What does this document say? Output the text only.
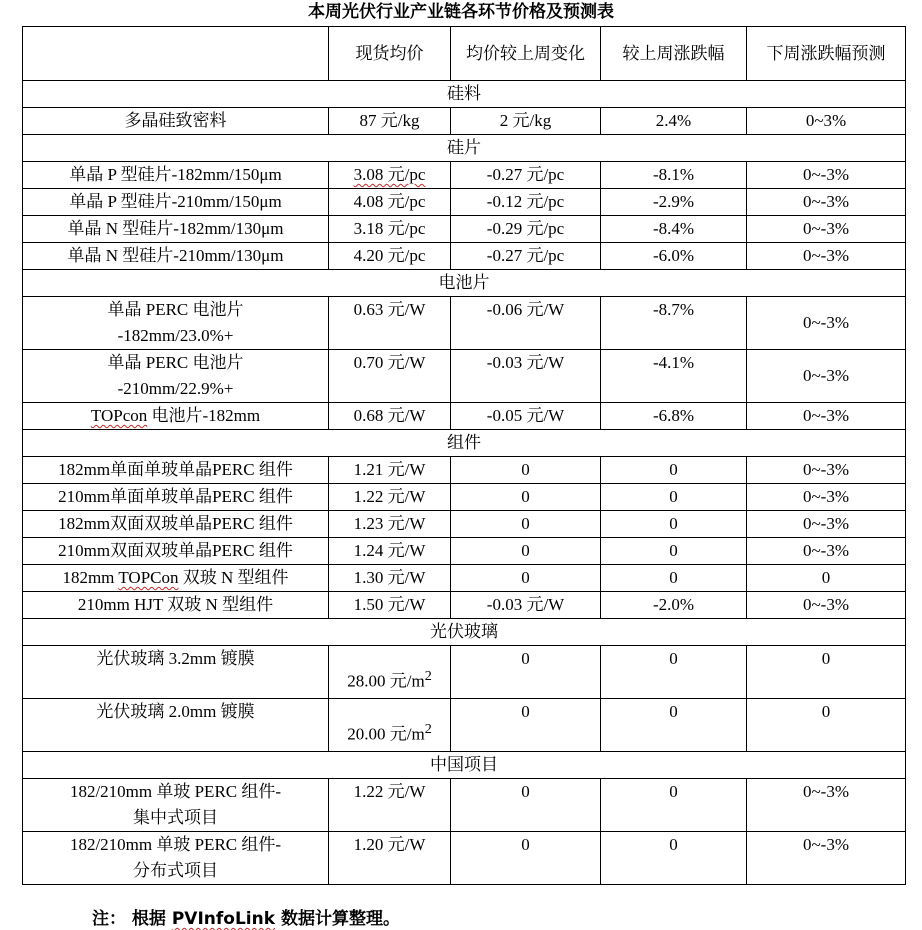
本周光伏行业产业链各环节价格及预测表
	现货均价	均价较上周变化	较上周涨跌幅	下周涨跌幅预测
硅料				
多晶硅致密料	87 元/kg	2 元/kg	2.4%	0~3%
硅片				
单晶 P 型硅片-182mm/150μm	3.08 元/pc	-0.27 元/pc	-8.1%	0~-3%
单晶 P 型硅片-210mm/150μm	4.08 元/pc	-0.12 元/pc	-2.9%	0~-3%
单晶 N 型硅片-182mm/130μm	3.18 元/pc	-0.29 元/pc	-8.4%	0~-3%
单晶 N 型硅片-210mm/130μm	4.20 元/pc	-0.27 元/pc	-6.0%	0~-3%
电池片				

单晶 PERC 电池片
-182mm/23.0%+	0.63 元/W	-0.06 元/W	-8.7%	0~-3%

单晶 PERC 电池片
-210mm/22.9%+	0.70 元/W	-0.03 元/W	-4.1%	0~-3%
TOPcon 电池片-182mm	0.68 元/W	-0.05 元/W	-6.8%	0~-3%
组件				
182mm单面单玻单晶PERC 组件	1.21 元/W	0	0	0~-3%
210mm单面单玻单晶PERC 组件	1.22 元/W	0	0	0~-3%
182mm双面双玻单晶PERC 组件	1.23 元/W	0	0	0~-3%
210mm双面双玻单晶PERC 组件	1.24 元/W	0	0	0~-3%
182mm TOPCon 双玻 N 型组件	1.30 元/W	0	0	0
210mm HJT 双玻 N 型组件	1.50 元/W	-0.03 元/W	-2.0%	0~-3%
光伏玻璃				
光伏玻璃 3.2mm 镀膜	28.00 元$/m^2$	0	0	0
光伏玻璃 2.0mm 镀膜	20.00 元$/m^2$	0	0	0
中国项目				

182/210mm 单玻 PERC 组件-
集中式项目	1.22 元/W	0	0	0~-3%

182/210mm 单玻 PERC 组件-
分布式项目	1.20 元/W	0	0	0~-3%
注： 根据 PVInfoLink 数据计算整理。
